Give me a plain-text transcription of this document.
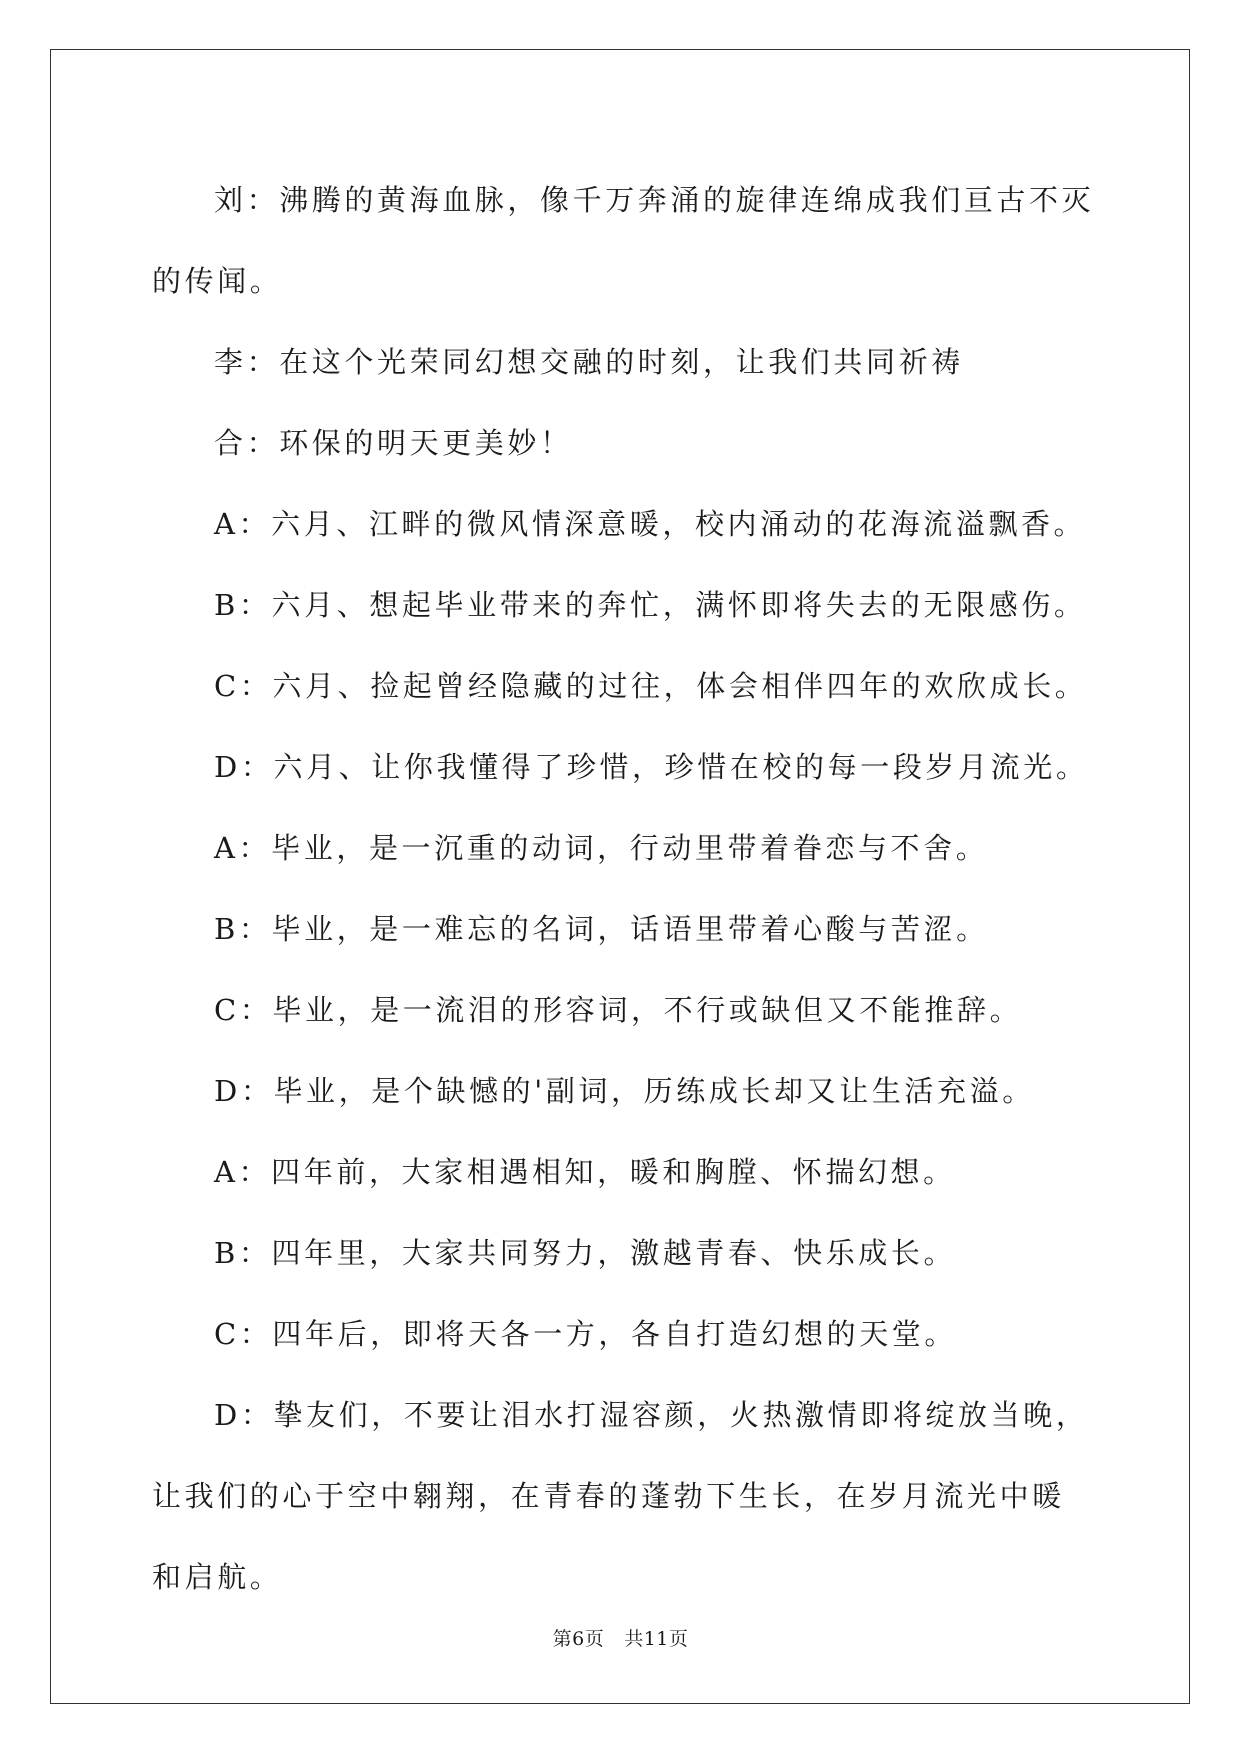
刘：沸腾的黄海血脉，像千万奔涌的旋律连绵成我们亘古不灭的传闻。

李：在这个光荣同幻想交融的时刻，让我们共同祈祷

合：环保的明天更美妙！

A：六月、江畔的微风情深意暖，校内涌动的花海流溢飘香。

B：六月、想起毕业带来的奔忙，满怀即将失去的无限感伤。

C：六月、捡起曾经隐藏的过往，体会相伴四年的欢欣成长。

D：六月、让你我懂得了珍惜，珍惜在校的每一段岁月流光。

A：毕业，是一沉重的动词，行动里带着眷恋与不舍。

B：毕业，是一难忘的名词，话语里带着心酸与苦涩。

C：毕业，是一流泪的形容词，不行或缺但又不能推辞。

D：毕业，是个缺憾的'副词，历练成长却又让生活充溢。

A：四年前，大家相遇相知，暖和胸膛、怀揣幻想。

B：四年里，大家共同努力，激越青春、快乐成长。

C：四年后，即将天各一方，各自打造幻想的天堂。

D：挚友们，不要让泪水打湿容颜，火热激情即将绽放当晚，让我们的心于空中翱翔，在青春的蓬勃下生长，在岁月流光中暖和启航。

第6页 共11页
